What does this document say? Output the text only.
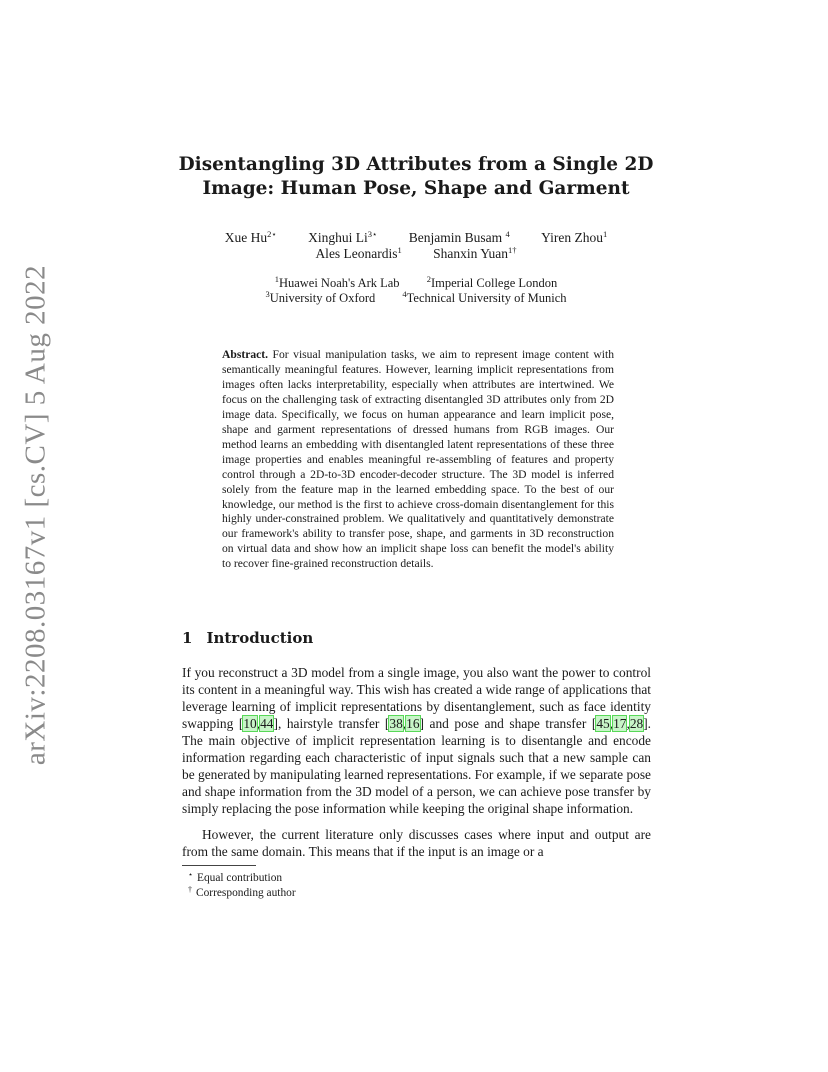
arXiv:2208.03167v1 [cs.CV] 5 Aug 2022
Disentangling 3D Attributes from a Single 2D Image: Human Pose, Shape and Garment
Xue $Hu^{2⋆}$ Xinghui $Li^{3⋆}$ Benjamin Busam $^4$ Yiren Zhou$^1$
Ales Leonardis$^1$ Shanxin Yuan$^{1\dagger}$
$^1$Huawei Noah's Ark Lab	$^2$Imperial College London
$^3$University of Oxford	$^4$Technical University of Munich
Abstract. For visual manipulation tasks, we aim to represent image content with semantically meaningful features. However, learning implicit representations from images often lacks interpretability, especially when attributes are intertwined. We focus on the challenging task of extracting disentangled 3D attributes only from 2D image data. Specifically, we focus on human appearance and learn implicit pose, shape and garment representations of dressed humans from RGB images. Our method learns an embedding with disentangled latent representations of these three image properties and enables meaningful re-assembling of features and property control through a 2D-to-3D encoder-decoder structure. The 3D model is inferred solely from the feature map in the learned embedding space. To the best of our knowledge, our method is the first to achieve cross-domain disentanglement for this highly under-constrained problem. We qualitatively and quantitatively demonstrate our framework's ability to transfer pose, shape, and garments in 3D reconstruction on virtual data and show how an implicit shape loss can benefit the model's ability to recover fine-grained reconstruction details.
1 Introduction
If you reconstruct a 3D model from a single image, you also want the power to control its content in a meaningful way. This wish has created a wide range of applications that leverage learning of implicit representations by disentanglement, such as face identity swapping [10,44], hairstyle transfer [38,16] and pose and shape transfer [45,17,28]. The main objective of implicit representation learning is to disentangle and encode information regarding each characteristic of input signals such that a new sample can be generated by manipulating learned representations. For example, if we separate pose and shape information from the 3D model of a person, we can achieve pose transfer by simply replacing the pose information while keeping the original shape information.
However, the current literature only discusses cases where input and output are from the same domain. This means that if the input is an image or a
⋆ Equal contribution
† Corresponding author
